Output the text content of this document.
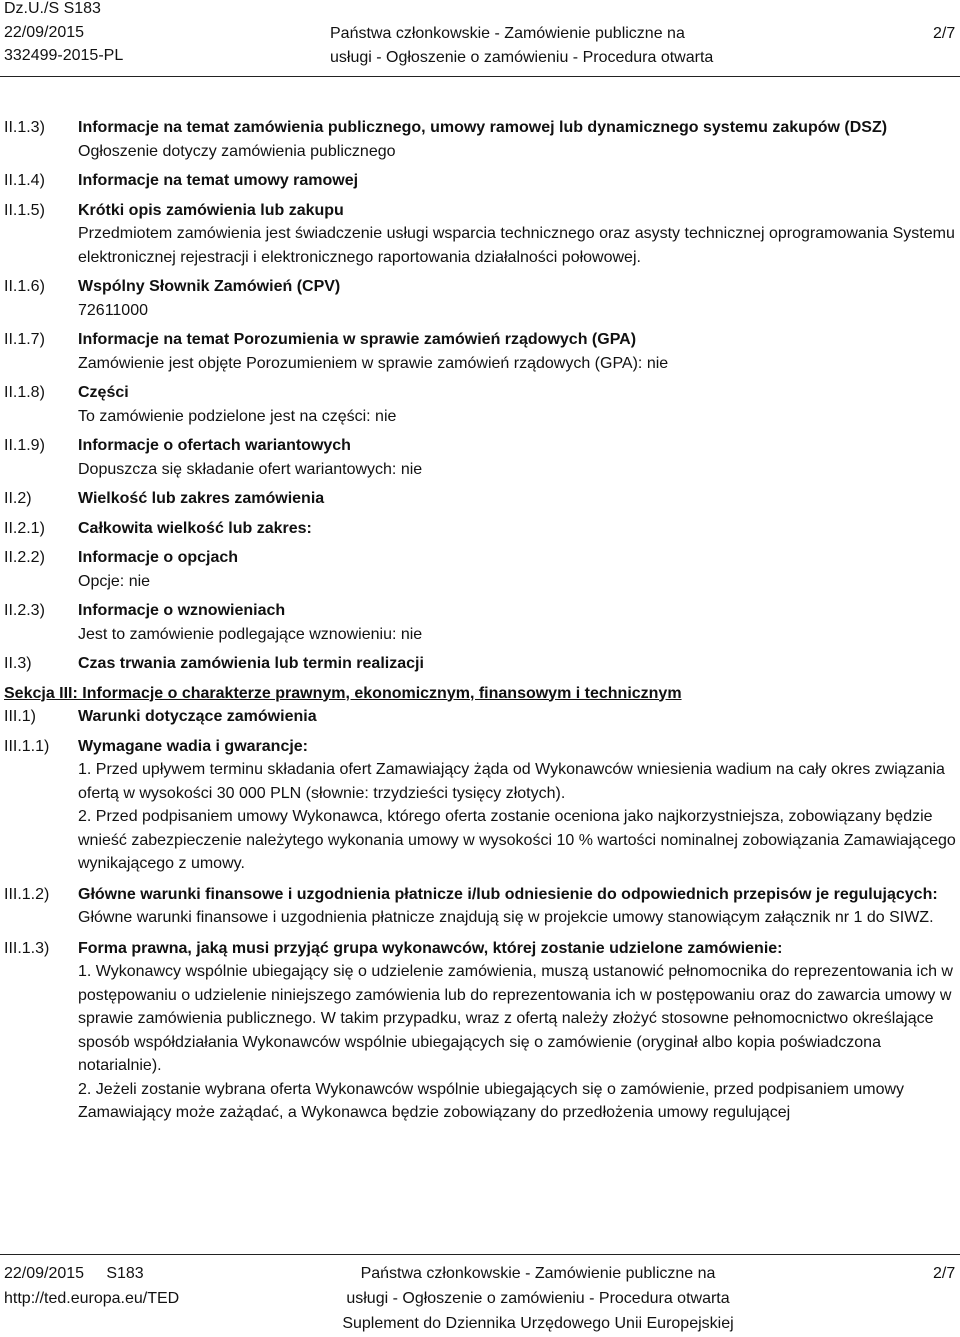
Dz.U./S S183
22/09/2015
332499-2015-PL
Państwa członkowskie - Zamówienie publiczne na
usługi - Ogłoszenie o zamówieniu - Procedura otwarta
2/7
II.1.3) Informacje na temat zamówienia publicznego, umowy ramowej lub dynamicznego systemu zakupów (DSZ)
Ogłoszenie dotyczy zamówienia publicznego
II.1.4) Informacje na temat umowy ramowej
II.1.5) Krótki opis zamówienia lub zakupu
Przedmiotem zamówienia jest świadczenie usługi wsparcia technicznego oraz asysty technicznej oprogramowania Systemu elektronicznej rejestracji i elektronicznego raportowania działalności połowowej.
II.1.6) Wspólny Słownik Zamówień (CPV)
72611000
II.1.7) Informacje na temat Porozumienia w sprawie zamówień rządowych (GPA)
Zamówienie jest objęte Porozumieniem w sprawie zamówień rządowych (GPA): nie
II.1.8) Części
To zamówienie podzielone jest na części: nie
II.1.9) Informacje o ofertach wariantowych
Dopuszcza się składanie ofert wariantowych: nie
II.2)	Wielkość lub zakres zamówienia
II.2.1) Całkowita wielkość lub zakres:
II.2.2) Informacje o opcjach
Opcje: nie
II.2.3) Informacje o wznowieniach
Jest to zamówienie podlegające wznowieniu: nie
II.3)	Czas trwania zamówienia lub termin realizacji
Sekcja III: Informacje o charakterze prawnym, ekonomicznym, finansowym i technicznym
III.1)	Warunki dotyczące zamówienia
III.1.1) Wymagane wadia i gwarancje:
1. Przed upływem terminu składania ofert Zamawiający żąda od Wykonawców wniesienia wadium na cały okres związania ofertą w wysokości 30 000 PLN (słownie: trzydzieści tysięcy złotych).
2. Przed podpisaniem umowy Wykonawca, którego oferta zostanie oceniona jako najkorzystniejsza, zobowiązany będzie wnieść zabezpieczenie należytego wykonania umowy w wysokości 10 % wartości nominalnej zobowiązania Zamawiającego wynikającego z umowy.
III.1.2) Główne warunki finansowe i uzgodnienia płatnicze i/lub odniesienie do odpowiednich przepisów je regulujących:
Główne warunki finansowe i uzgodnienia płatnicze znajdują się w projekcie umowy stanowiącym załącznik nr 1 do SIWZ.
III.1.3) Forma prawna, jaką musi przyjąć grupa wykonawców, której zostanie udzielone zamówienie:
1. Wykonawcy wspólnie ubiegający się o udzielenie zamówienia, muszą ustanowić pełnomocnika do reprezentowania ich w postępowaniu o udzielenie niniejszego zamówienia lub do reprezentowania ich w postępowaniu oraz do zawarcia umowy w sprawie zamówienia publicznego. W takim przypadku, wraz z ofertą należy złożyć stosowne pełnomocnictwo określające sposób współdziałania Wykonawców wspólnie ubiegających się o zamówienie (oryginał albo kopia poświadczona notarialnie).
2. Jeżeli zostanie wybrana oferta Wykonawców wspólnie ubiegających się o zamówienie, przed podpisaniem umowy Zamawiający może zażądać, a Wykonawca będzie zobowiązany do przedłożenia umowy regulującej
22/09/2015 S183
http://ted.europa.eu/TED
Państwa członkowskie - Zamówienie publiczne na
usługi - Ogłoszenie o zamówieniu - Procedura otwarta
Suplement do Dziennika Urzędowego Unii Europejskiej
2/7
